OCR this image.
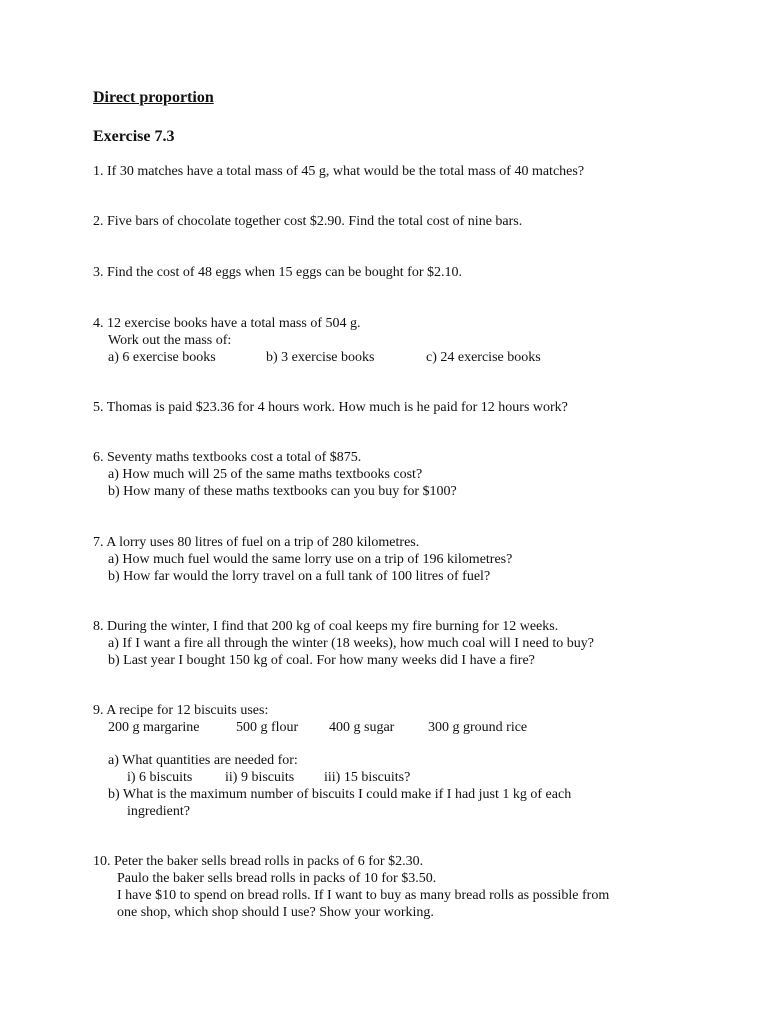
Direct proportion
Exercise 7.3
1. If 30 matches have a total mass of 45 g, what would be the total mass of 40 matches?
2. Five bars of chocolate together cost $2.90. Find the total cost of nine bars.
3. Find the cost of 48 eggs when 15 eggs can be bought for $2.10.
4. 12 exercise books have a total mass of 504 g.
Work out the mass of:
a) 6 exercise books	b) 3 exercise books	c) 24 exercise books
5. Thomas is paid $23.36 for 4 hours work. How much is he paid for 12 hours work?
6. Seventy maths textbooks cost a total of $875.
a) How much will 25 of the same maths textbooks cost?
b) How many of these maths textbooks can you buy for $100?
7. A lorry uses 80 litres of fuel on a trip of 280 kilometres.
a) How much fuel would the same lorry use on a trip of 196 kilometres?
b) How far would the lorry travel on a full tank of 100 litres of fuel?
8. During the winter, I find that 200 kg of coal keeps my fire burning for 12 weeks.
a) If I want a fire all through the winter (18 weeks), how much coal will I need to buy?
b) Last year I bought 150 kg of coal. For how many weeks did I have a fire?
9. A recipe for 12 biscuits uses:
200 g margarine	500 g flour 400 g sugar 300 g ground rice
a) What quantities are needed for:
i) 6 biscuits ii) 9 biscuits iii) 15 biscuits?
b) What is the maximum number of biscuits I could make if I had just 1 kg of each
ingredient?
10. Peter the baker sells bread rolls in packs of 6 for $2.30.
Paulo the baker sells bread rolls in packs of 10 for $3.50.
I have $10 to spend on bread rolls. If I want to buy as many bread rolls as possible from
one shop, which shop should I use? Show your working.
